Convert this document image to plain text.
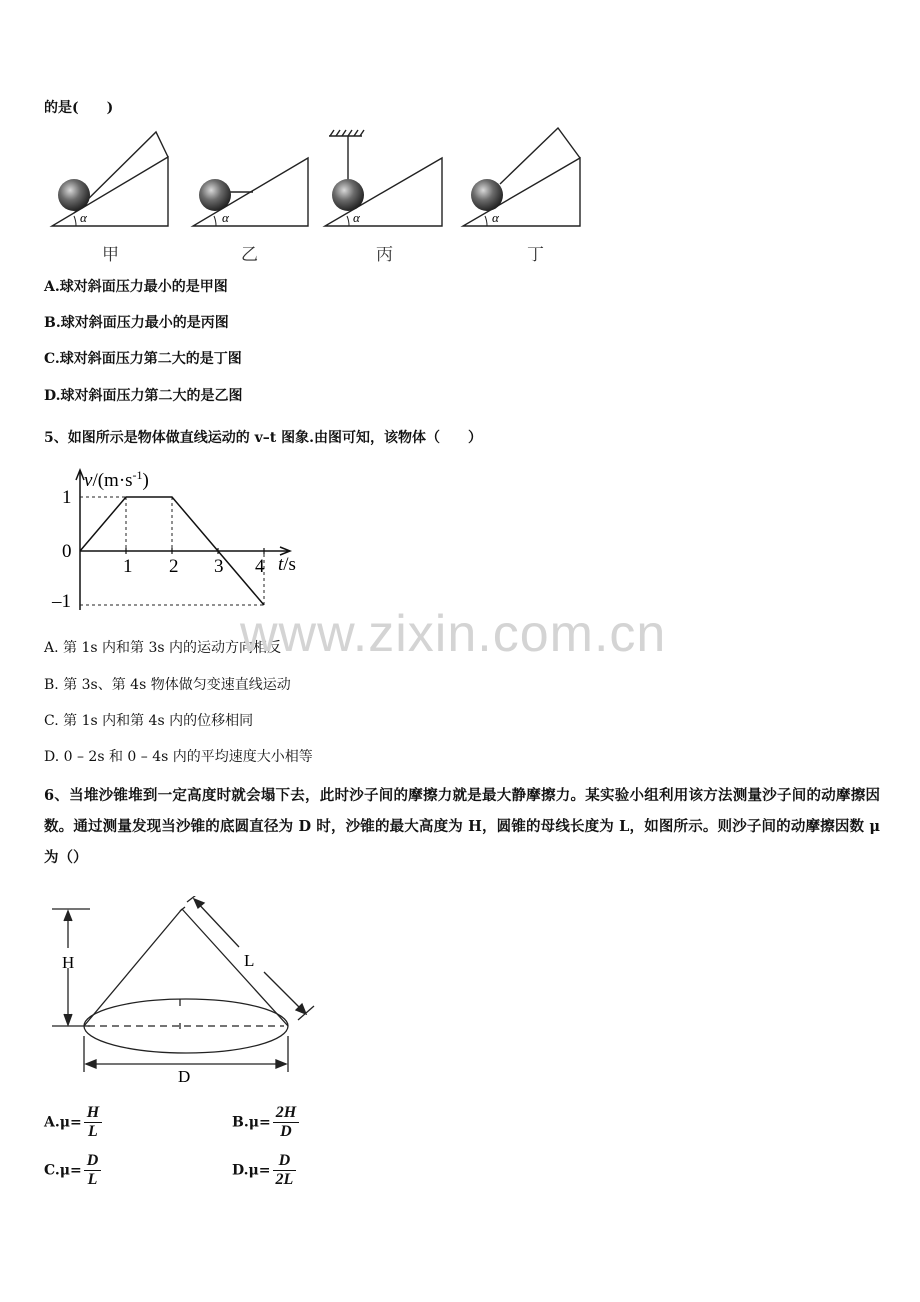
的是(　　)
α	α	α	α
甲	乙	丙	丁
A.球对斜面压力最小的是甲图
B.球对斜面压力最小的是丙图
C.球对斜面压力第二大的是丁图
D.球对斜面压力第二大的是乙图
5、如图所示是物体做直线运动的 v–t 图象.由图可知，该物体（　　）
$v/(m\cdot s^{-1})$
t/s
1
0
–1
1 2 3 4
A. 第 1s 内和第 3s 内的运动方向相反
B. 第 3s、第 4s 物体做匀变速直线运动
C. 第 1s 内和第 4s 内的位移相同
D. 0 – 2s 和 0 – 4s 内的平均速度大小相等
www.zixin.com.cn
6、当堆沙锥堆到一定高度时就会塌下去，此时沙子间的摩擦力就是最大静摩擦力。某实验小组利用该方法测量沙子间的动摩擦因数。通过测量发现当沙锥的底圆直径为 D 时，沙锥的最大高度为 H，圆锥的母线长度为 L，如图所示。则沙子间的动摩擦因数 μ 为（）
H	L
D
$A.\mu= \frac{H}{L}$	$B.\mu= \frac{2H}{D}$
$C.\mu= \frac{D}{L}$	$D.\mu= \frac{D}{2L}$
